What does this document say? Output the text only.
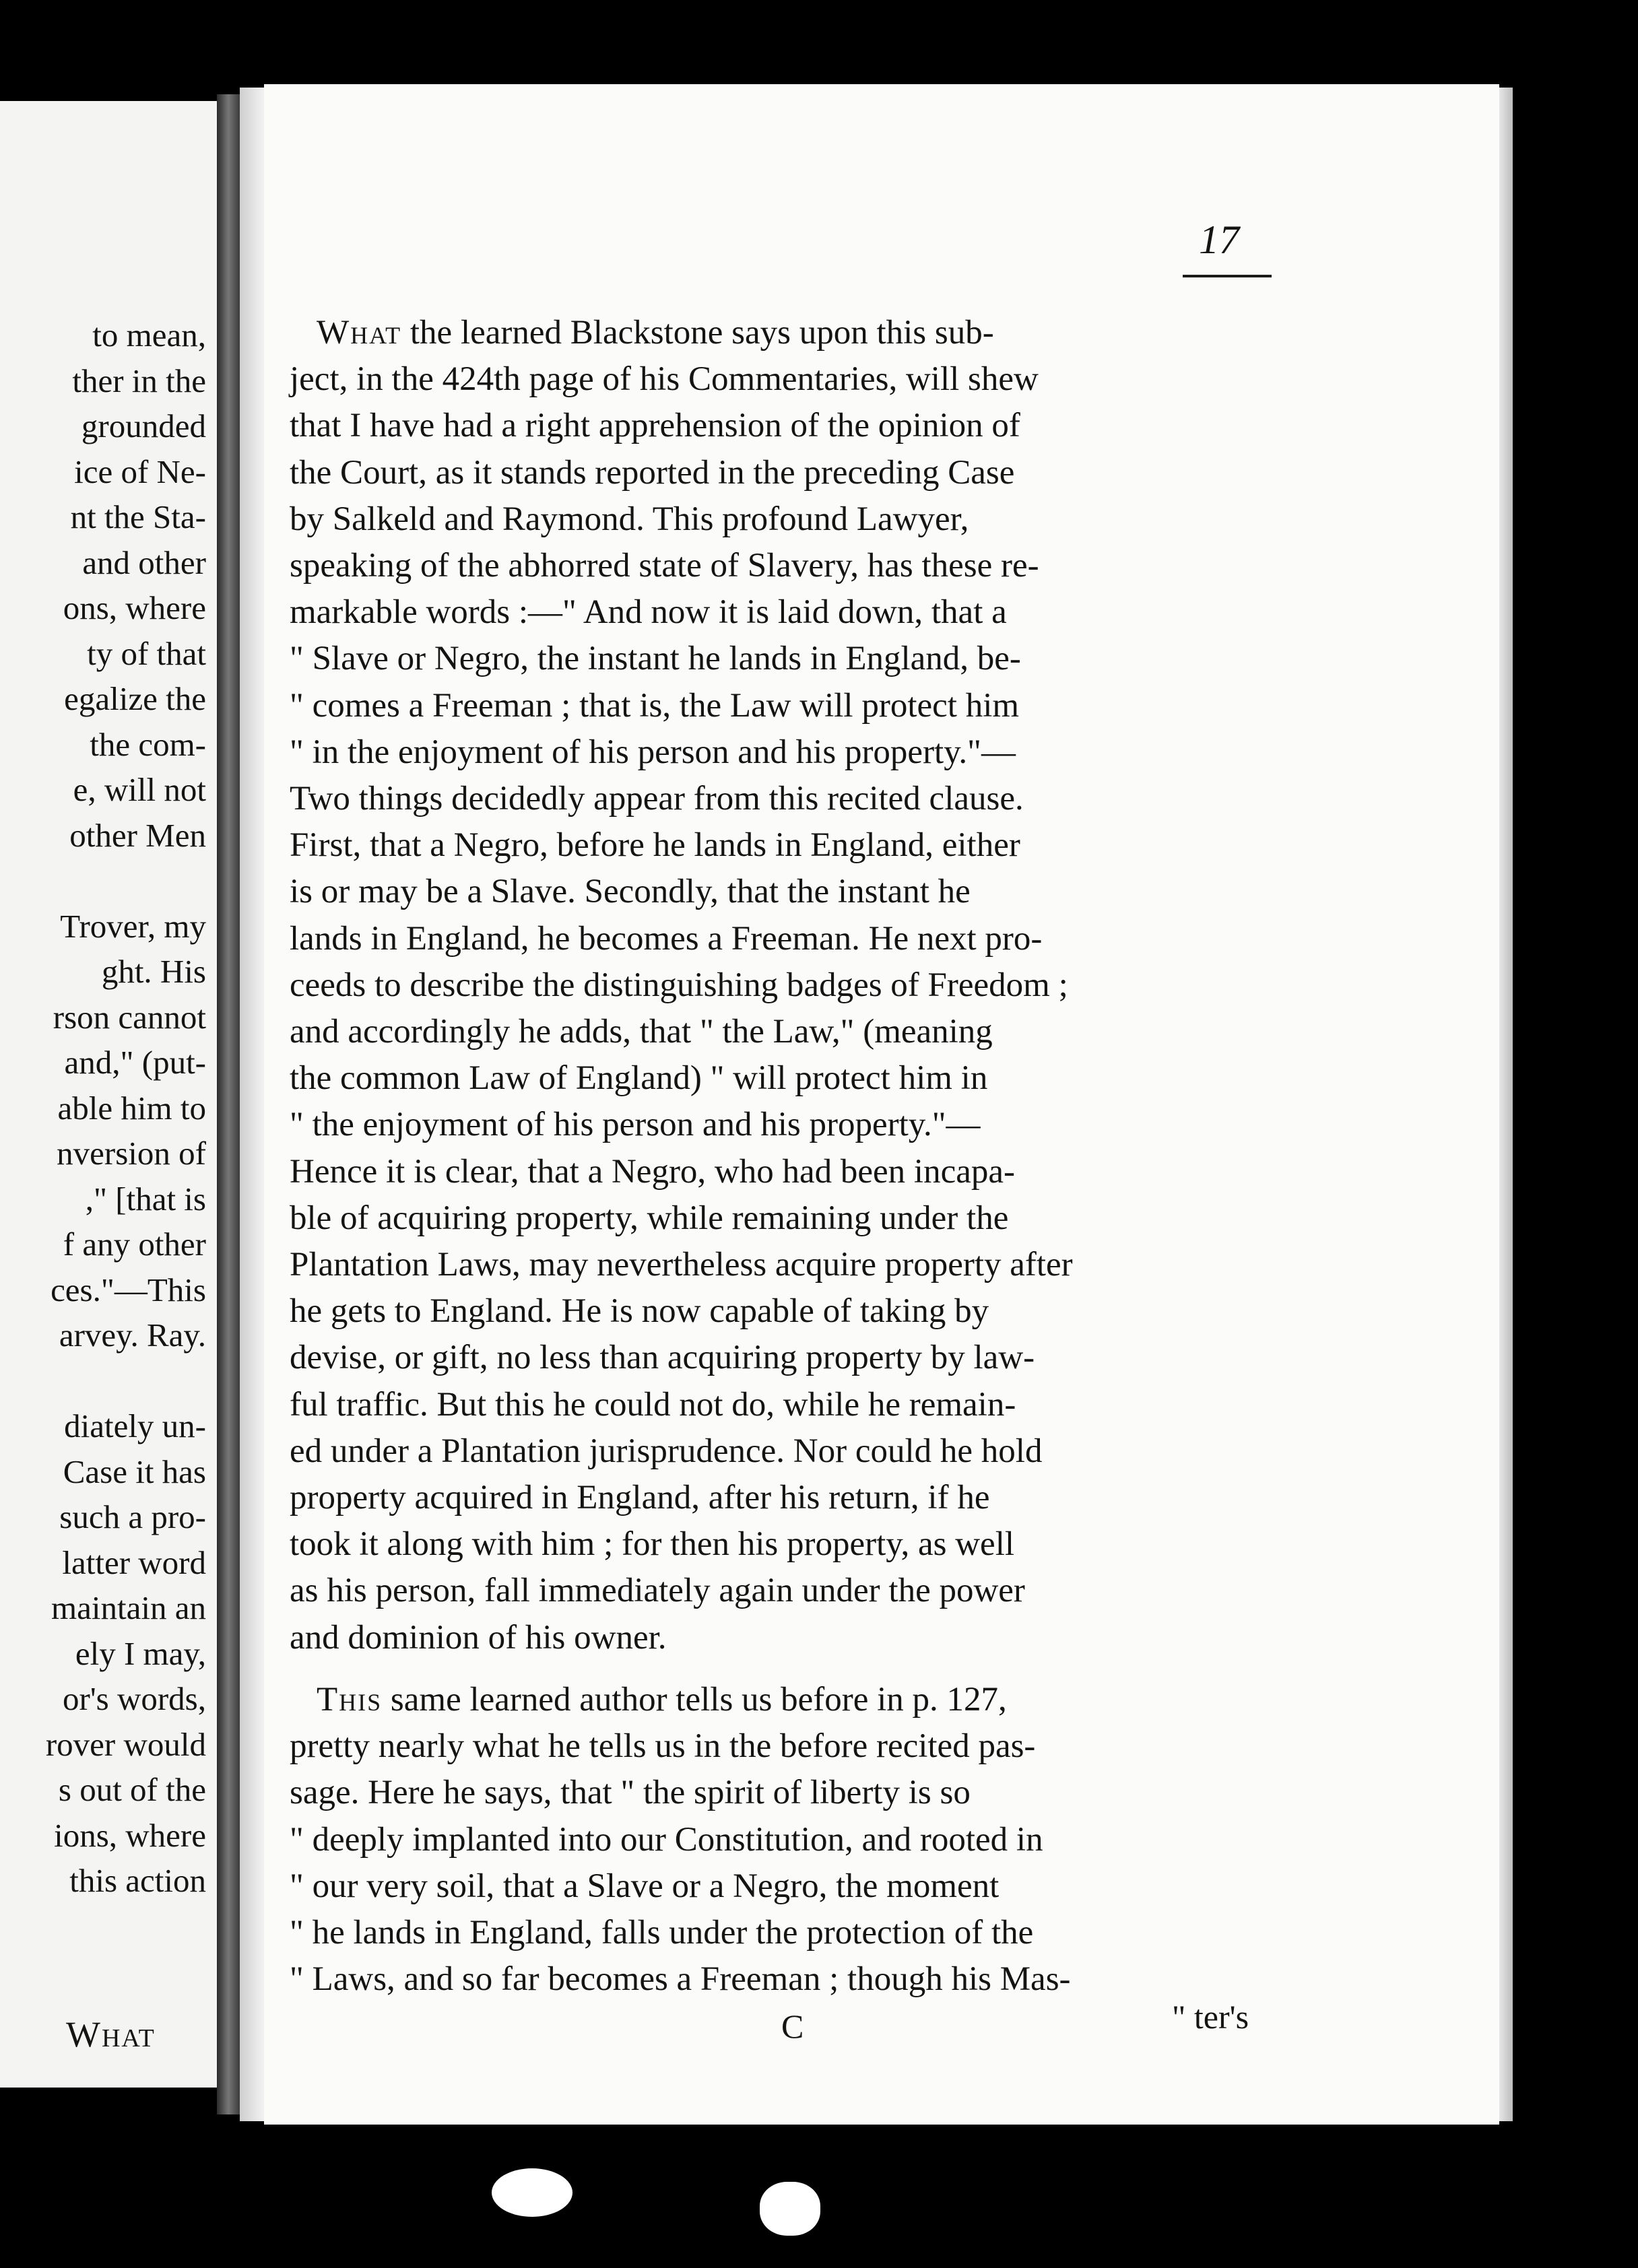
to mean,
ther in the
grounded
ice of Ne-
nt the Sta-
and other
ons, where
ty of that
egalize the
the com-
e, will not
other Men
Trover, my
ght. His
rson cannot
and," (put-
able him to
nversion of
," [that is
f any other
ces."—This
arvey. Ray.
diately un-
Case it has
such a pro-
latter word
maintain an
ely I may,
or's words,
rover would
s out of the
ions, where
this action
What
17
What the learned Blackstone says upon this sub-
ject, in the 424th page of his Commentaries, will shew
that I have had a right apprehension of the opinion of
the Court, as it stands reported in the preceding Case
by Salkeld and Raymond. This profound Lawyer,
speaking of the abhorred state of Slavery, has these re-
markable words :—" And now it is laid down, that a
" Slave or Negro, the instant he lands in England, be-
" comes a Freeman ; that is, the Law will protect him
" in the enjoyment of his person and his property."—
Two things decidedly appear from this recited clause.
First, that a Negro, before he lands in England, either
is or may be a Slave. Secondly, that the instant he
lands in England, he becomes a Freeman. He next pro-
ceeds to describe the distinguishing badges of Freedom ;
and accordingly he adds, that " the Law," (meaning
the common Law of England) " will protect him in
" the enjoyment of his person and his property."—
Hence it is clear, that a Negro, who had been incapa-
ble of acquiring property, while remaining under the
Plantation Laws, may nevertheless acquire property after
he gets to England. He is now capable of taking by
devise, or gift, no less than acquiring property by law-
ful traffic. But this he could not do, while he remain-
ed under a Plantation jurisprudence. Nor could he hold
property acquired in England, after his return, if he
took it along with him ; for then his property, as well
as his person, fall immediately again under the power
and dominion of his owner.
This same learned author tells us before in p. 127,
pretty nearly what he tells us in the before recited pas-
sage. Here he says, that " the spirit of liberty is so
" deeply implanted into our Constitution, and rooted in
" our very soil, that a Slave or a Negro, the moment
" he lands in England, falls under the protection of the
" Laws, and so far becomes a Freeman ; though his Mas-
C	" ter's
